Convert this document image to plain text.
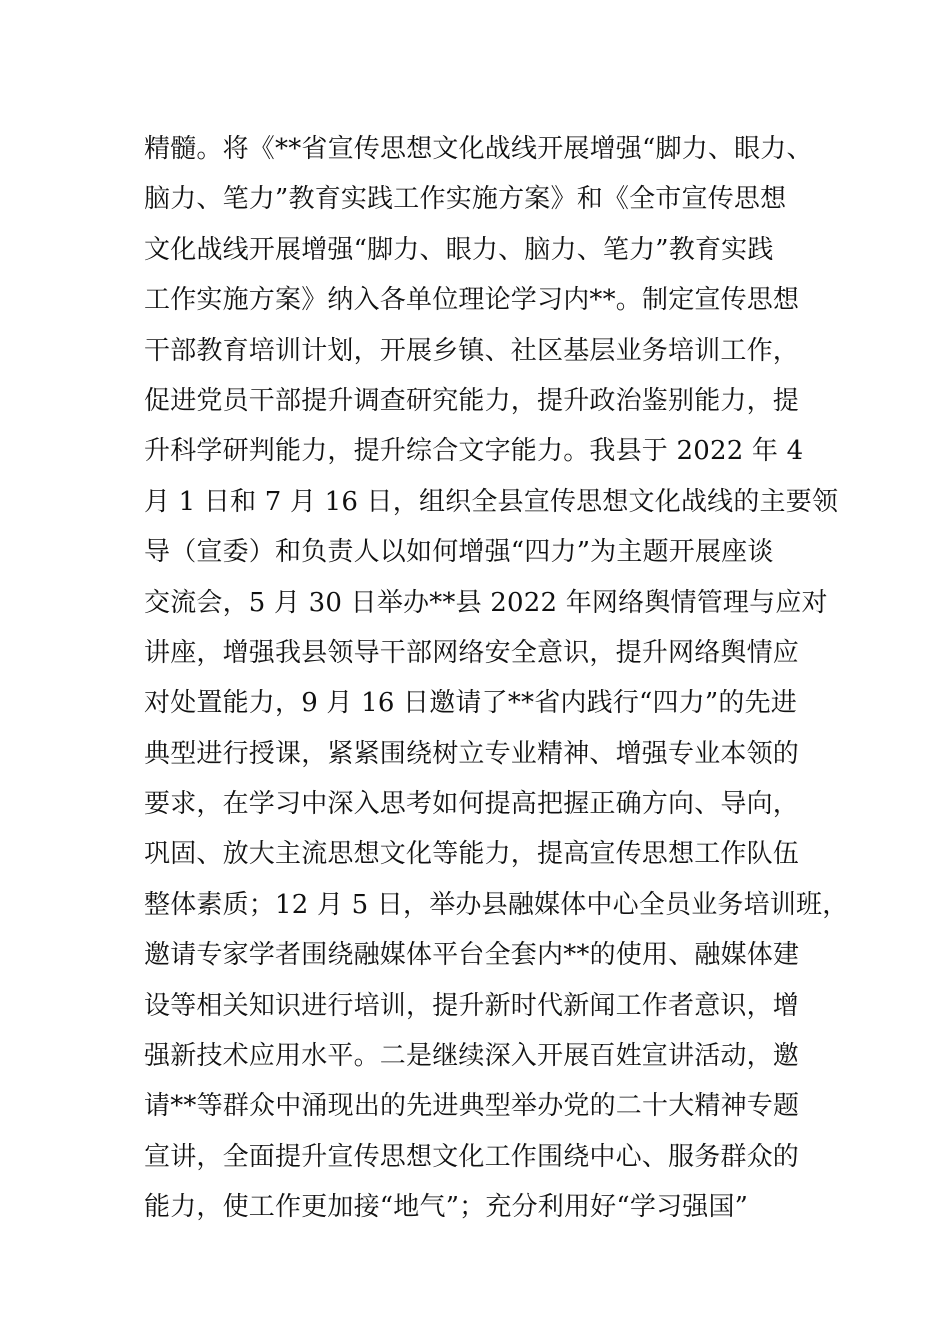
精髓。将《**省宣传思想文化战线开展增强“脚力、眼力、
脑力、笔力”教育实践工作实施方案》和《全市宣传思想
文化战线开展增强“脚力、眼力、脑力、笔力”教育实践
工作实施方案》纳入各单位理论学习内**。制定宣传思想
干部教育培训计划，开展乡镇、社区基层业务培训工作，
促进党员干部提升调查研究能力，提升政治鉴别能力，提
升科学研判能力，提升综合文字能力。我县于 2022 年 4
月 1 日和 7 月 16 日，组织全县宣传思想文化战线的主要领
导（宣委）和负责人以如何增强“四力”为主题开展座谈
交流会，5 月 30 日举办**县 2022 年网络舆情管理与应对
讲座，增强我县领导干部网络安全意识，提升网络舆情应
对处置能力，9 月 16 日邀请了**省内践行“四力”的先进
典型进行授课，紧紧围绕树立专业精神、增强专业本领的
要求，在学习中深入思考如何提高把握正确方向、导向，
巩固、放大主流思想文化等能力，提高宣传思想工作队伍
整体素质；12 月 5 日，举办县融媒体中心全员业务培训班，
邀请专家学者围绕融媒体平台全套内**的使用、融媒体建
设等相关知识进行培训，提升新时代新闻工作者意识，增
强新技术应用水平。二是继续深入开展百姓宣讲活动，邀
请**等群众中涌现出的先进典型举办党的二十大精神专题
宣讲，全面提升宣传思想文化工作围绕中心、服务群众的
能力，使工作更加接“地气”；充分利用好“学习强国”
